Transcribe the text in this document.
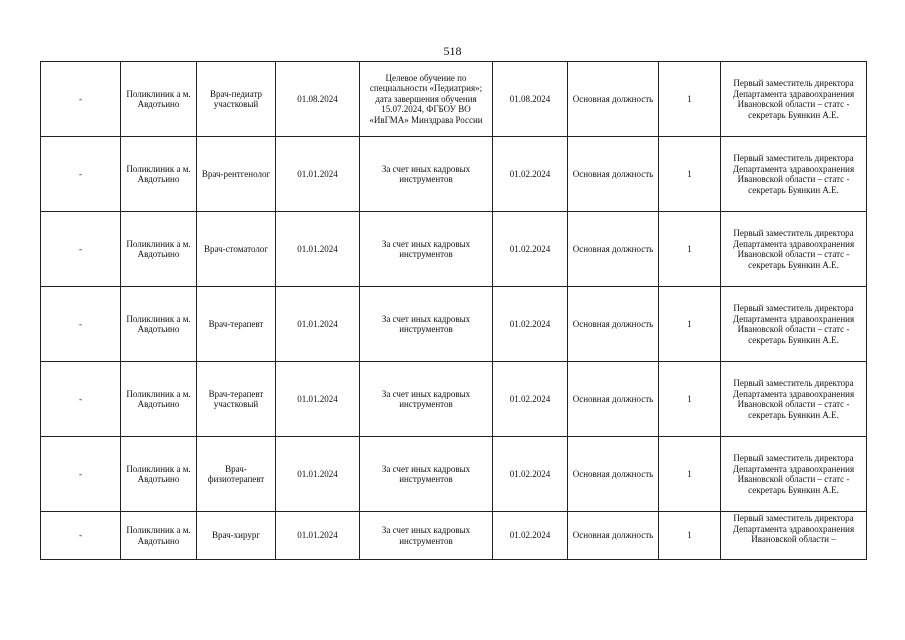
518
-	Поликлиник а м. Авдотьино	Врач-педиатр участковый	01.08.2024	Целевое обучение по специальности «Педиатрия»; дата завершения обучения 15.07.2024, ФГБОУ ВО «ИвГМА» Минздрава России	01.08.2024	Основная должность	1	Первый заместитель директора Департамента здравоохранения Ивановской области – статс - секретарь Буянкин А.Е.
-	Поликлиник а м. Авдотьино	Врач-рентгенолог	01.01.2024	За счет иных кадровых инструментов	01.02.2024	Основная должность	1	Первый заместитель директора Департамента здравоохранения Ивановской области – статс - секретарь Буянкин А.Е.
-	Поликлиник а м. Авдотьино	Врач-стоматолог	01.01.2024	За счет иных кадровых инструментов	01.02.2024	Основная должность	1	Первый заместитель директора Департамента здравоохранения Ивановской области – статс - секретарь Буянкин А.Е.
-	Поликлиник а м. Авдотьино	Врач-терапевт	01.01.2024	За счет иных кадровых инструментов	01.02.2024	Основная должность	1	Первый заместитель директора Департамента здравоохранения Ивановской области – статс - секретарь Буянкин А.Е.
-	Поликлиник а м. Авдотьино	Врач-терапевт участковый	01.01.2024	За счет иных кадровых инструментов	01.02.2024	Основная должность	1	Первый заместитель директора Департамента здравоохранения Ивановской области – статс - секретарь Буянкин А.Е.
-	Поликлиник а м. Авдотьино	Врач-физиотерапевт	01.01.2024	За счет иных кадровых инструментов	01.02.2024	Основная должность	1	Первый заместитель директора Департамента здравоохранения Ивановской области – статс - секретарь Буянкин А.Е.
-	Поликлиник а м. Авдотьино	Врач-хирург	01.01.2024	За счет иных кадровых инструментов	01.02.2024	Основная должность	1	Первый заместитель директора Департамента здравоохранения Ивановской области –
